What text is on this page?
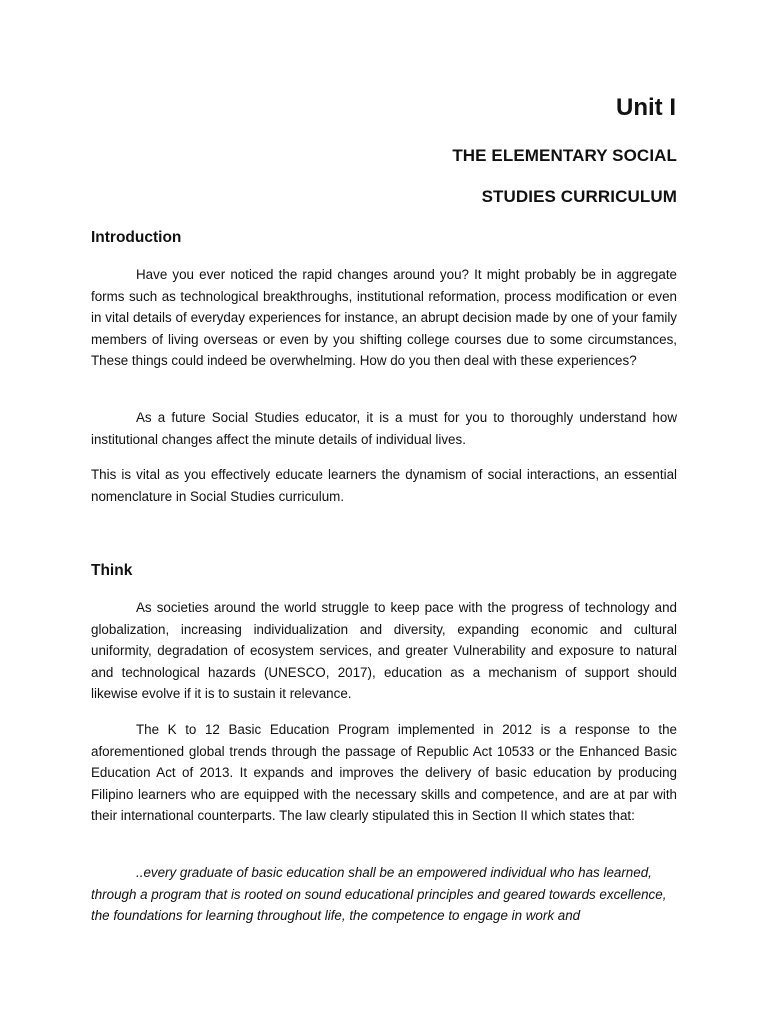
Unit I
THE ELEMENTARY SOCIAL
STUDIES CURRICULUM
Introduction

Have you ever noticed the rapid changes around you? It might probably be in aggregate forms such as technological breakthroughs, institutional reformation, process modification or even in vital details of everyday experiences for instance, an abrupt decision made by one of your family members of living overseas or even by you shifting college courses due to some circumstances, These things could indeed be overwhelming. How do you then deal with these experiences?

As a future Social Studies educator, it is a must for you to thoroughly understand how institutional changes affect the minute details of individual lives.

This is vital as you effectively educate learners the dynamism of social interactions, an essential nomenclature in Social Studies curriculum.

Think

As societies around the world struggle to keep pace with the progress of technology and globalization, increasing individualization and diversity, expanding economic and cultural uniformity, degradation of ecosystem services, and greater Vulnerability and exposure to natural and technological hazards (UNESCO, 2017), education as a mechanism of support should likewise evolve if it is to sustain it relevance.

The K to 12 Basic Education Program implemented in 2012 is a response to the aforementioned global trends through the passage of Republic Act 10533 or the Enhanced Basic Education Act of 2013. It expands and improves the delivery of basic education by producing Filipino learners who are equipped with the necessary skills and competence, and are at par with their international counterparts. The law clearly stipulated this in Section II which states that:

..every graduate of basic education shall be an empowered individual who has learned, through a program that is rooted on sound educational principles and geared towards excellence, the foundations for learning throughout life, the competence to engage in work and
